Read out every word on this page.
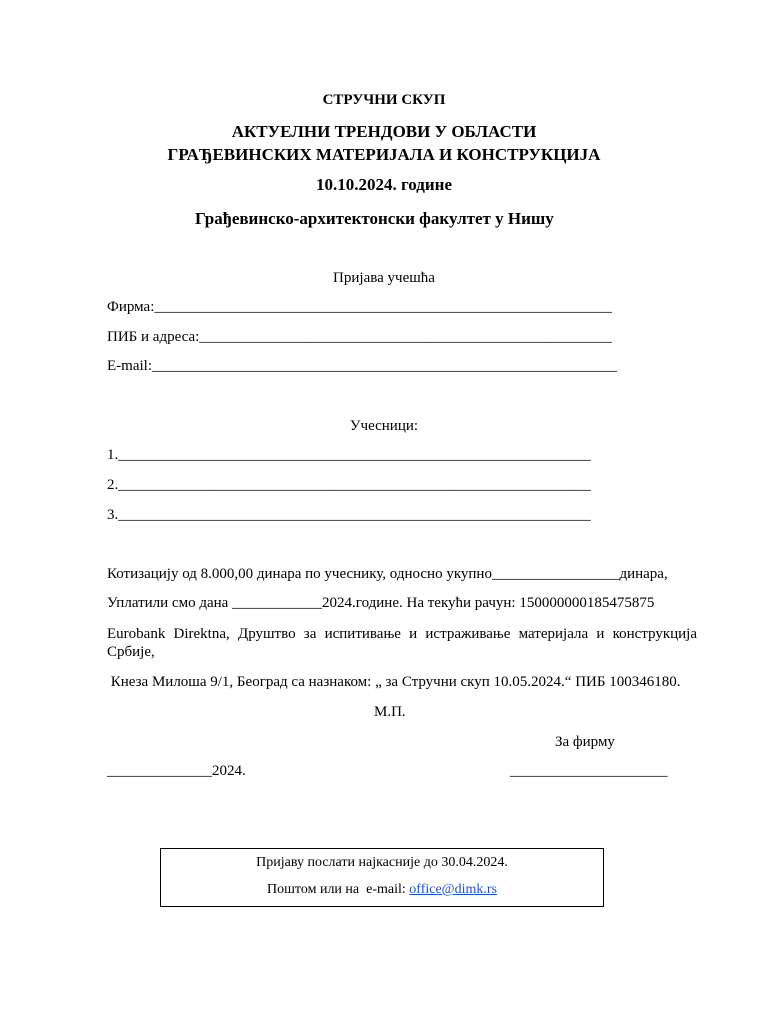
СТРУЧНИ СКУП
АКТУЕЛНИ ТРЕНДОВИ У ОБЛАСТИ
ГРАЂЕВИНСКИХ МАТЕРИЈАЛА И КОНСТРУКЦИЈА
10.10.2024. године
Грађевинско-архитектонски факултет у Нишу
Пријава учешћа
Фирма:_____________________________________________________________
ПИБ и адреса:_______________________________________________________
E-mail:______________________________________________________________
Учесници:
1._______________________________________________________________
2._______________________________________________________________
3._______________________________________________________________
Котизацију од 8.000,00 динара по учеснику, односно укупно_________________динара,
Уплатили смо дана ____________2024.године. На текући рачун: 150000000185475875
Eurobank Direktna, Друштво за испитивање и истраживање материјала и конструкција
Србије,
Кнеза Милоша 9/1, Београд са назнаком: „ за Стручни скуп 10.05.2024.“ ПИБ 100346180.
М.П.
За фирму
______________2024.	_____________________
Пријаву послати најкасније до 30.04.2024.
Поштом или на  e-mail: office@dimk.rs
